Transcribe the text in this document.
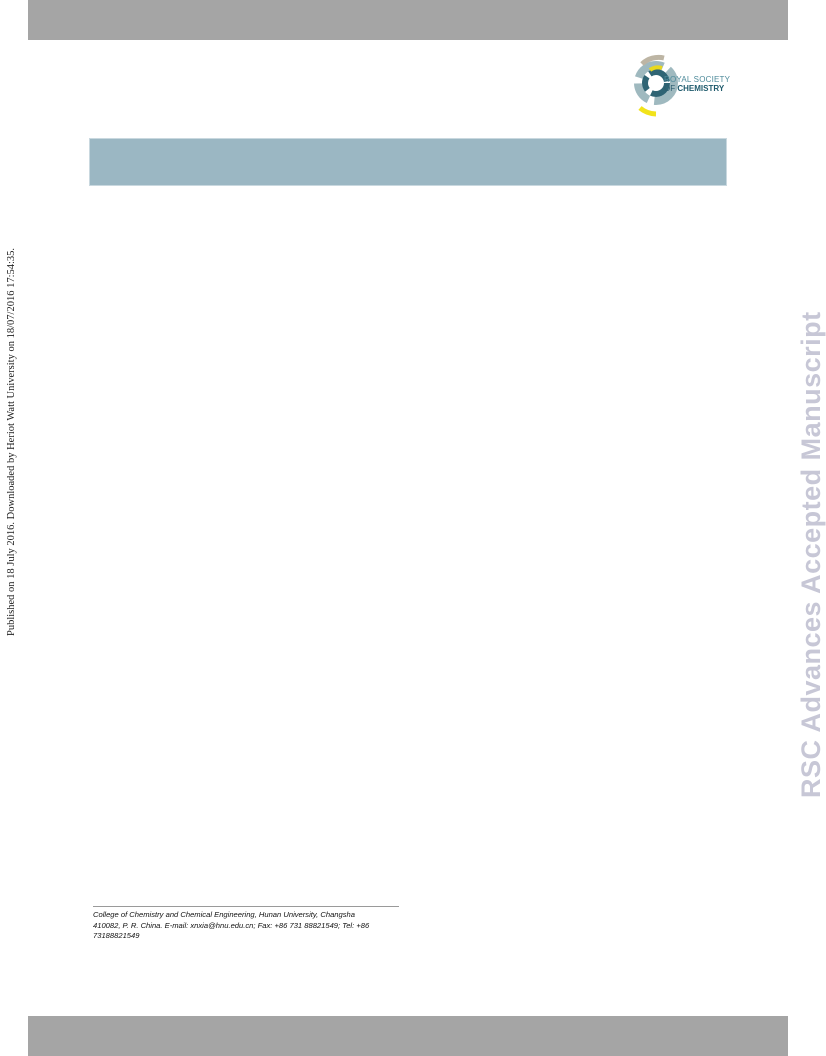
ROYAL SOCIETY
OF CHEMISTRY
Published on 18 July 2016. Downloaded by Heriot Watt University on 18/07/2016 17:54:35.	RSC Advances Accepted Manuscript
College of Chemistry and Chemical Engineering, Hunan University, Changsha
410082, P. R. China. E-mail: xnxia@hnu.edu.cn; Fax: +86 731 88821549; Tel: +86
73188821549
